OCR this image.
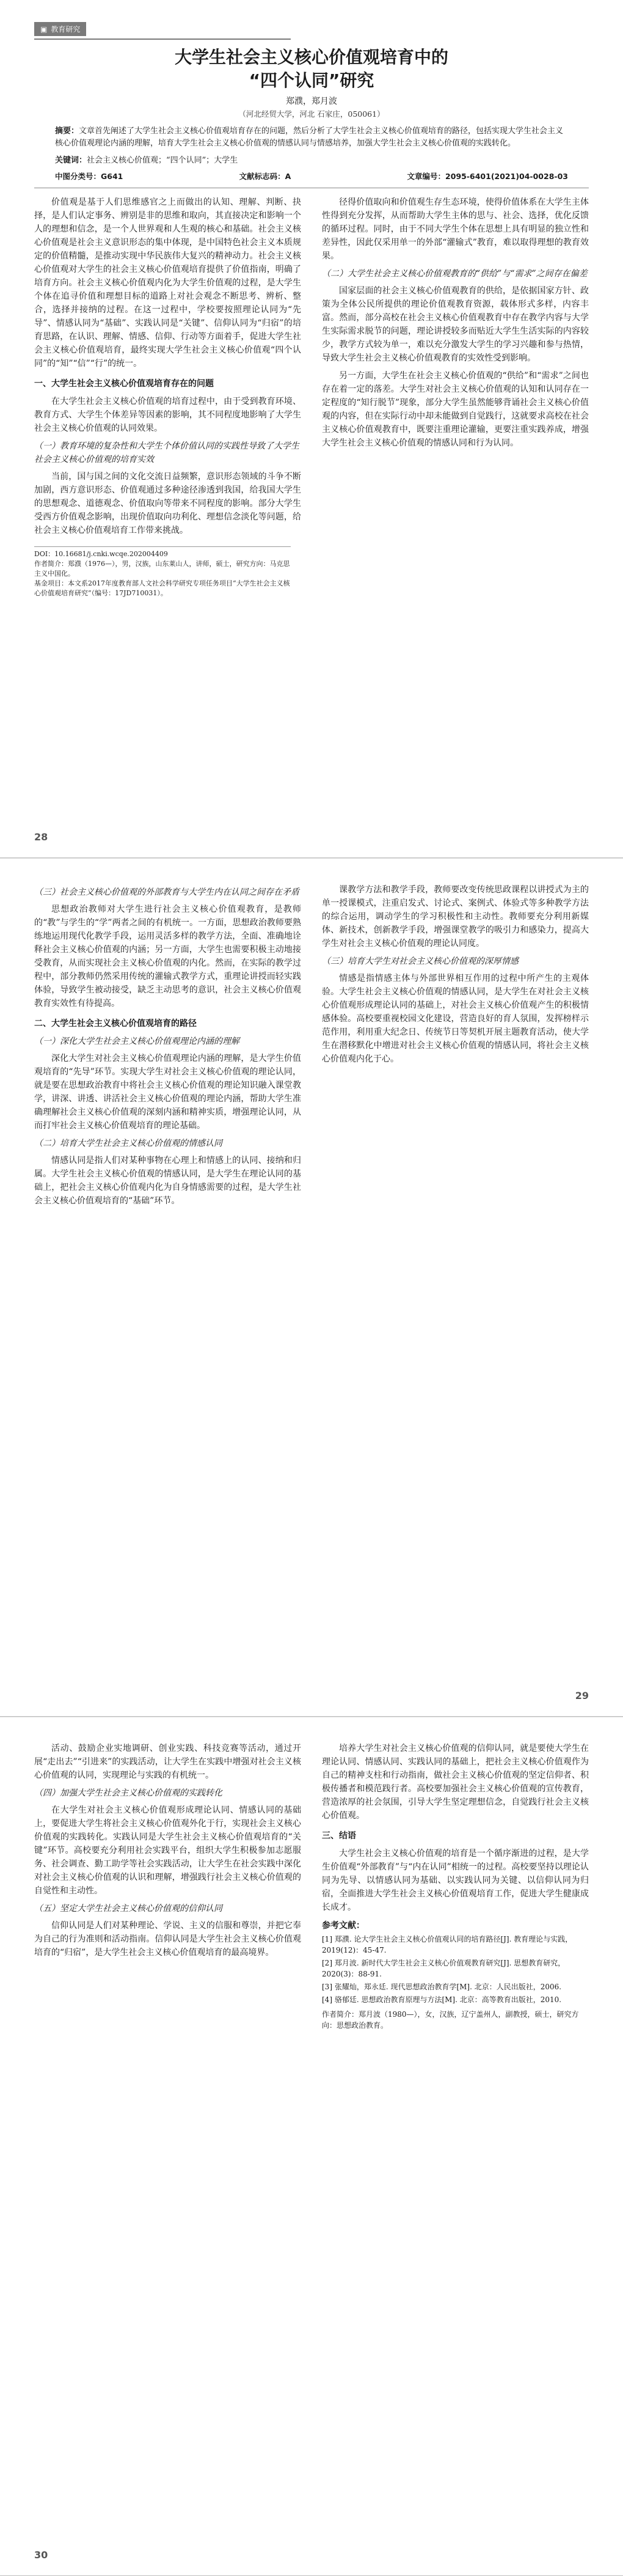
▣ 教育研究
大学生社会主义核心价值观培育中的
“四个认同”研究
郑濮，郑月波
（河北经贸大学，河北 石家庄，050061）
摘要：文章首先阐述了大学生社会主义核心价值观培育存在的问题，然后分析了大学生社会主义核心价值观培育的路径，包括实现大学生社会主义核心价值观理论内涵的理解，培育大学生社会主义核心价值观的情感认同与情感培养，加强大学生社会主义核心价值观的实践转化。
关键词：社会主义核心价值观；“四个认同”；大学生
中图分类号：G641	文献标志码：A	文章编号：2095-6401(2021)04-0028-03

价值观是基于人们思维感官之上而做出的认知、理解、判断、抉择，是人们认定事务、辨别是非的思维和取向，其直接决定和影响一个人的理想和信念，是一个人世界观和人生观的核心和基础。社会主义核心价值观是社会主义意识形态的集中体现，是中国特色社会主义本质规定的价值精髓，是推动实现中华民族伟大复兴的精神动力。社会主义核心价值观对大学生的社会主义核心价值观培育提供了价值指南，明确了培育方向。社会主义核心价值观内化为大学生价值观的过程，是大学生个体在追寻价值和理想目标的道路上对社会观念不断思考、辨析、整合，选择并接纳的过程。在这一过程中，学校要按照理论认同为“先导”、情感认同为“基础”、实践认同是“关键”、信仰认同为“归宿”的培育思路，在认识、理解、情感、信仰、行动等方面着手，促进大学生社会主义核心价值观培育，最终实现大学生社会主义核心价值观“四个认同”的“知”“信”“行”的统一。

一、大学生社会主义核心价值观培育存在的问题

在大学生社会主义核心价值观的培育过程中，由于受到教育环境、教育方式、大学生个体差异等因素的影响，其不同程度地影响了大学生社会主义核心价值观的认同效果。

（一）教育环境的复杂性和大学生个体价值认同的实践性导致了大学生社会主义核心价值观的培育实效

当前，国与国之间的文化交流日益频繁，意识形态领域的斗争不断加剧，西方意识形态、价值观通过多种途径渗透到我国，给我国大学生的思想观念、道德观念、价值取向等带来不同程度的影响。部分大学生受西方价值观念影响，出现价值取向功利化、理想信念淡化等问题，给社会主义核心价值观培育工作带来挑战。

径得价值取向和价值观生存生态环境，使得价值体系在大学生主体性得到充分发挥，从而帮助大学生主体的思与、社会、选择，优化反馈的循环过程。同时，由于不同大学生个体在思想上具有明显的独立性和差异性，因此仅采用单一的外部“灌输式”教育，难以取得理想的教育效果。

（二）大学生社会主义核心价值观教育的“供给”与“需求”之间存在偏差

国家层面的社会主义核心价值观教育的供给，是依据国家方针、政策为全体公民所提供的理论价值观教育资源，载体形式多样，内容丰富。然而，部分高校在社会主义核心价值观教育中存在教学内容与大学生实际需求脱节的问题，理论讲授较多而贴近大学生生活实际的内容较少，教学方式较为单一，难以充分激发大学生的学习兴趣和参与热情，导致大学生社会主义核心价值观教育的实效性受到影响。

另一方面，大学生在社会主义核心价值观的“供给”和“需求”之间也存在着一定的落差。大学生对社会主义核心价值观的认知和认同存在一定程度的“知行脱节”现象，部分大学生虽然能够背诵社会主义核心价值观的内容，但在实际行动中却未能做到自觉践行，这就要求高校在社会主义核心价值观教育中，既要注重理论灌输，更要注重实践养成，增强大学生社会主义核心价值观的情感认同和行为认同。

DOI：10.16681/j.cnki.wcqe.202004409
作者简介：郑濮（1976—），男，汉族，山东莱山人，讲师，硕士，研究方向：马克思主义中国化。
基金项目：本文系2017年度教育部人文社会科学研究专项任务项目“大学生社会主义核心价值观培育研究”（编号：17JD710031）。
28
（三）社会主义核心价值观的外部教育与大学生内在认同之间存在矛盾

思想政治教师对大学生进行社会主义核心价值观教育，是教师的“教”与学生的“学”两者之间的有机统一。一方面，思想政治教师要熟练地运用现代化教学手段，运用灵活多样的教学方法，全面、准确地诠释社会主义核心价值观的内涵；另一方面，大学生也需要积极主动地接受教育，从而实现社会主义核心价值观的内化。然而，在实际的教学过程中，部分教师仍然采用传统的灌输式教学方式，重理论讲授而轻实践体验，导致学生被动接受，缺乏主动思考的意识，社会主义核心价值观教育实效性有待提高。

二、大学生社会主义核心价值观培育的路径
（一）深化大学生社会主义核心价值观理论内涵的理解

深化大学生对社会主义核心价值观理论内涵的理解，是大学生价值观培育的“先导”环节。实现大学生对社会主义核心价值观的理论认同，就是要在思想政治教育中将社会主义核心价值观的理论知识融入课堂教学，讲深、讲透、讲活社会主义核心价值观的理论内涵，帮助大学生准确理解社会主义核心价值观的深刻内涵和精神实质，增强理论认同，从而打牢社会主义核心价值观培育的理论基础。

（二）培育大学生社会主义核心价值观的情感认同

情感认同是指人们对某种事物在心理上和情感上的认同、接纳和归属。大学生社会主义核心价值观的情感认同，是大学生在理论认同的基础上，把社会主义核心价值观内化为自身情感需要的过程，是大学生社会主义核心价值观培育的“基础”环节。

课教学方法和教学手段，教师要改变传统思政课程以讲授式为主的单一授课模式，注重启发式、讨论式、案例式、体验式等多种教学方法的综合运用，调动学生的学习积极性和主动性。教师要充分利用新媒体、新技术，创新教学手段，增强课堂教学的吸引力和感染力，提高大学生对社会主义核心价值观的理论认同度。

（三）培育大学生对社会主义核心价值观的深厚情感

情感是指情感主体与外部世界相互作用的过程中所产生的主观体验。大学生社会主义核心价值观的情感认同，是大学生在对社会主义核心价值观形成理论认同的基础上，对社会主义核心价值观产生的积极情感体验。高校要重视校园文化建设，营造良好的育人氛围，发挥榜样示范作用，利用重大纪念日、传统节日等契机开展主题教育活动，使大学生在潜移默化中增进对社会主义核心价值观的情感认同，将社会主义核心价值观内化于心。

29

活动、鼓励企业实地调研、创业实践、科技竞赛等活动，通过开展“走出去”“引进来”的实践活动，让大学生在实践中增强对社会主义核心价值观的认同，实现理论与实践的有机统一。

（四）加强大学生社会主义核心价值观的实践转化

在大学生对社会主义核心价值观形成理论认同、情感认同的基础上，要促进大学生将社会主义核心价值观外化于行，实现社会主义核心价值观的实践转化。实践认同是大学生社会主义核心价值观培育的“关键”环节。高校要充分利用社会实践平台，组织大学生积极参加志愿服务、社会调查、勤工助学等社会实践活动，让大学生在社会实践中深化对社会主义核心价值观的认识和理解，增强践行社会主义核心价值观的自觉性和主动性。

（五）坚定大学生社会主义核心价值观的信仰认同

信仰认同是人们对某种理论、学说、主义的信服和尊崇，并把它奉为自己的行为准则和活动指南。信仰认同是大学生社会主义核心价值观培育的“归宿”，是大学生社会主义核心价值观培育的最高境界。

培养大学生对社会主义核心价值观的信仰认同，就是要使大学生在理论认同、情感认同、实践认同的基础上，把社会主义核心价值观作为自己的精神支柱和行动指南，做社会主义核心价值观的坚定信仰者、积极传播者和模范践行者。高校要加强社会主义核心价值观的宣传教育，营造浓厚的社会氛围，引导大学生坚定理想信念，自觉践行社会主义核心价值观。

三、结语

大学生社会主义核心价值观的培育是一个循序渐进的过程，是大学生价值观“外部教育”与“内在认同”相统一的过程。高校要坚持以理论认同为先导、以情感认同为基础、以实践认同为关键、以信仰认同为归宿，全面推进大学生社会主义核心价值观培育工作，促进大学生健康成长成才。

参考文献：
[1] 郑濮. 论大学生社会主义核心价值观认同的培育路径[J]. 教育理论与实践，2019(12)：45-47.
[2] 郑月波. 新时代大学生社会主义核心价值观教育研究[J]. 思想教育研究，2020(3)：88-91.
[3] 张耀灿，郑永廷. 现代思想政治教育学[M]. 北京：人民出版社，2006.
[4] 骆郁廷. 思想政治教育原理与方法[M]. 北京：高等教育出版社，2010.
作者简介：郑月波（1980—），女，汉族，辽宁盖州人，副教授，硕士，研究方向：思想政治教育。
30
